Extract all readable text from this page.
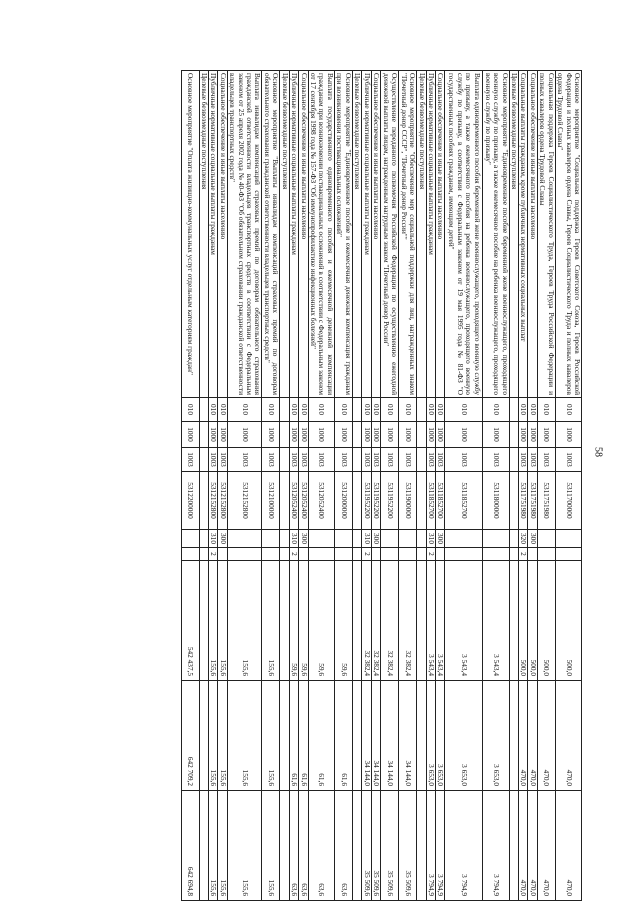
58
Основное мероприятие "Социальная поддержка Героев Советского Союза, Героев Российской Федерации и полных кавалеров ордена Славы, Героев Социалистического Труда и полных кавалеров ордена Трудовой Славы"	010	1000	1003	5311700000			500,0	470,0	470,0
Социальная поддержка Героев Социалистического Труда, Героев Труда Российской Федерации и полных кавалеров ордена Трудовой Славы	010	1000	1003	5311751980			500,0	470,0	470,0
Социальное обеспечение и иные выплаты населению	010	1000	1003	5311751980	300		500,0	470,0	470,0
Социальные выплаты гражданам, кроме публичных нормативных социальных выплат	010	1000	1003	5311751980	320	2	500,0	470,0	470,0
Целевые безвозмездные поступления									
Основное мероприятие "Единовременное пособие беременной жене военнослужащего, проходящего военную службу по призыву, а также ежемесячное пособие на ребенка военнослужащего, проходящего военную службу по призыву"	010	1000	1003	5311800000			3 543,4	3 653,0	3 794,9
Выплата единовременного пособия беременной жене военнослужащего, проходящего военную службу по призыву, а также ежемесячного пособия на ребенка военнослужащего, проходящего военную службу по призыву, в соответствии с Федеральным законом от 19 мая 1995 года № 81-ФЗ "О государственных пособиях гражданам, имеющим детей"	010	1000	1003	5311852700			3 543,4	3 653,0	3 794,9
Социальное обеспечение и иные выплаты населению	010	1000	1003	5311852700	300		3 543,4	3 653,0	3 794,9
Публичные нормативные социальные выплаты гражданам	010	1000	1003	5311852700	310	2	3 543,4	3 653,0	3 794,9
Целевые безвозмездные поступления									
Основное мероприятие "Обеспечение мер социальной поддержки для лиц, награжденных знаком "Почетный донор СССР", "Почетный донор России""	010	1000	1003	5311900000			32 382,4	34 144,0	35 509,6
Осуществление переданного полномочия Российской Федерации по осуществлению ежегодной денежной выплаты лицам, награжденным нагрудным знаком "Почетный донор России"	010	1000	1003	5311952200			32 382,4	34 144,0	35 509,6
Социальное обеспечение и иные выплаты населению	010	1000	1003	5311952200	300		32 382,4	34 144,0	35 509,6
Публичные нормативные социальные выплаты гражданам	010	1000	1003	5311952200	310	2	32 382,4	34 144,0	35 509,6
Целевые безвозмездные поступления									
Основное мероприятие "Единовременное пособие и ежемесячная денежная компенсация гражданам при возникновении поствакцинальных осложнений"	010	1000	1003	5312000000			59,6	61,6	63,6
Выплата государственного единовременного пособия и ежемесячной денежной компенсации гражданам при возникновении поствакцинальных осложнений в соответствии с Федеральным законом от 17 сентября 1998 года № 157-ФЗ "Об иммунопрофилактике инфекционных болезней"	010	1000	1003	5312052400			59,6	61,6	63,6
Социальное обеспечение и иные выплаты населению	010	1000	1003	5312052400	300		59,6	61,6	63,6
Публичные нормативные социальные выплаты гражданам	010	1000	1003	5312052400	310	2	59,6	61,6	63,6
Целевые безвозмездные поступления									
Основное мероприятие "Выплаты инвалидам компенсаций страховых премий по договорам обязательного страхования гражданской ответственности владельцев транспортных средств"	010	1000	1003	5312100000			155,6	155,6	155,6
Выплата инвалидам компенсаций страховых премий по договорам обязательного страхования гражданской ответственности владельцев транспортных средств в соответствии с Федеральным законом от 25 апреля 2002 года № 40-ФЗ "Об обязательном страховании гражданской ответственности владельцев транспортных средств"	010	1000	1003	5312152800			155,6	155,6	155,6
Социальное обеспечение и иные выплаты населению	010	1000	1003	5312152800	300		155,6	155,6	155,6
Публичные нормативные социальные выплаты гражданам	010	1000	1003	5312152800	310	2	155,6	155,6	155,6
Целевые безвозмездные поступления									
Основное мероприятие "Оплата жилищно-коммунальных услуг отдельным категориям граждан"	010	1000	1003	5312200000			542 437,5	642 709,2	642 694,8
